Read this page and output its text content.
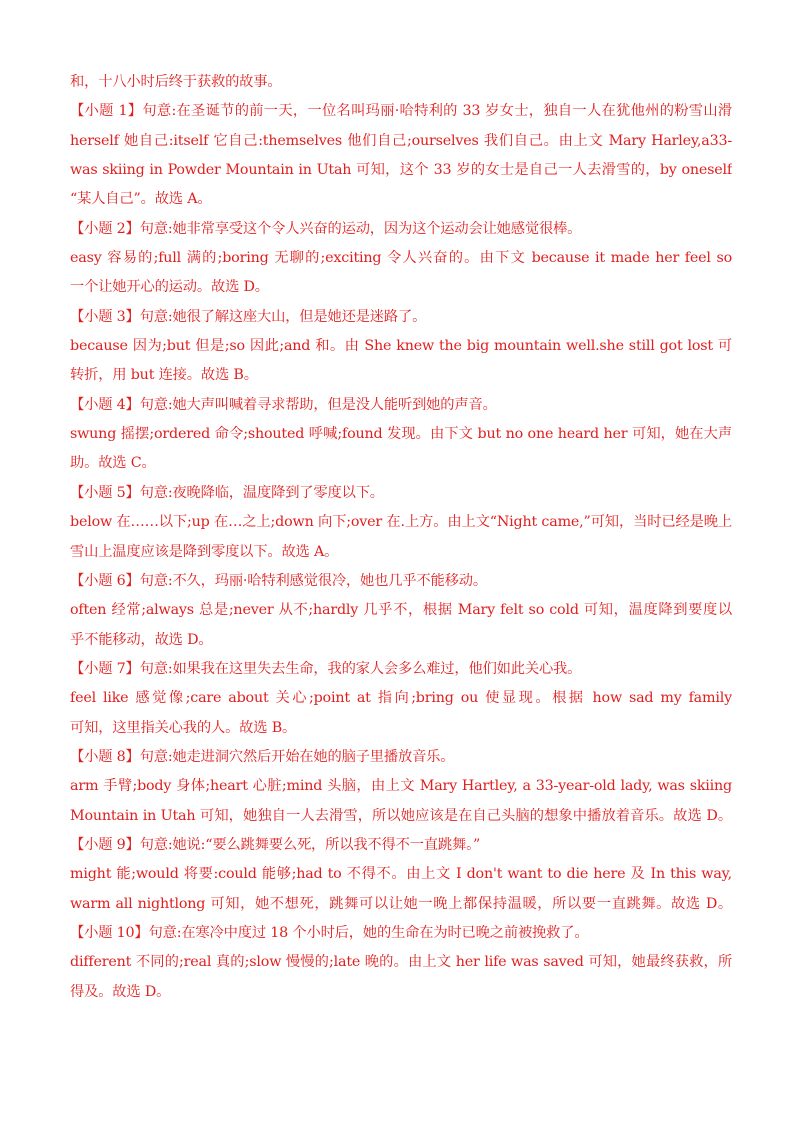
和，十八小时后终于获救的故事。
【小题 1】句意:在圣诞节的前一天，一位名叫玛丽·哈特利的 33 岁女士，独自一人在犹他州的粉雪山滑
herself 她自己:itself 它自己:themselves 他们自己;ourselves 我们自己。由上文 Mary Harley,a33-
was skiing in Powder Mountain in Utah 可知，这个 33 岁的女士是自己一人去滑雪的，by oneself
“某人自己”。故选 A。
【小题 2】句意:她非常享受这个令人兴奋的运动，因为这个运动会让她感觉很棒。
easy 容易的;full 满的;boring 无聊的;exciting 令人兴奋的。由下文 because it made her feel so
一个让她开心的运动。故选 D。
【小题 3】句意:她很了解这座大山，但是她还是迷路了。
because 因为;but 但是;so 因此;and 和。由 She knew the big mountain well.she still got lost 可
转折，用 but 连接。故选 B。
【小题 4】句意:她大声叫喊着寻求帮助，但是没人能听到她的声音。
swung 摇摆;ordered 命令;shouted 呼喊;found 发现。由下文 but no one heard her 可知，她在大声
助。故选 C。
【小题 5】句意:夜晚降临，温度降到了零度以下。
below 在……以下;up 在…之上;down 向下;over 在.上方。由上文“Night came,”可知，当时已经是晚上
雪山上温度应该是降到零度以下。故选 A。
【小题 6】句意:不久，玛丽·哈特利感觉很冷，她也几乎不能移动。
often 经常;always 总是;never 从不;hardly 几乎不，根据 Mary felt so cold 可知，温度降到要度以
乎不能移动，故选 D。
【小题 7】句意:如果我在这里失去生命，我的家人会多么难过，他们如此关心我。
feel like 感觉像;care about 关心;point at 指向;bring ou 使显现。根据 how sad my family
可知，这里指关心我的人。故选 B。
【小题 8】句意:她走进洞穴然后开始在她的脑子里播放音乐。
arm 手臂;body 身体;heart 心脏;mind 头脑，由上文 Mary Hartley, a 33-year-old lady, was skiing
Mountain in Utah 可知，她独自一人去滑雪，所以她应该是在自己头脑的想象中播放着音乐。故选 D。
【小题 9】句意:她说:“要么跳舞要么死，所以我不得不一直跳舞。”
might 能;would 将要:could 能够;had to 不得不。由上文 I don't want to die here 及 In this way,
warm all nightlong 可知，她不想死，跳舞可以让她一晚上都保持温暖，所以要一直跳舞。故选 D。
【小题 10】句意:在寒冷中度过 18 个小时后，她的生命在为时已晚之前被挽救了。
different 不同的;real 真的;slow 慢慢的;late 晚的。由上文 her life was saved 可知，她最终获救，所
得及。故选 D。
